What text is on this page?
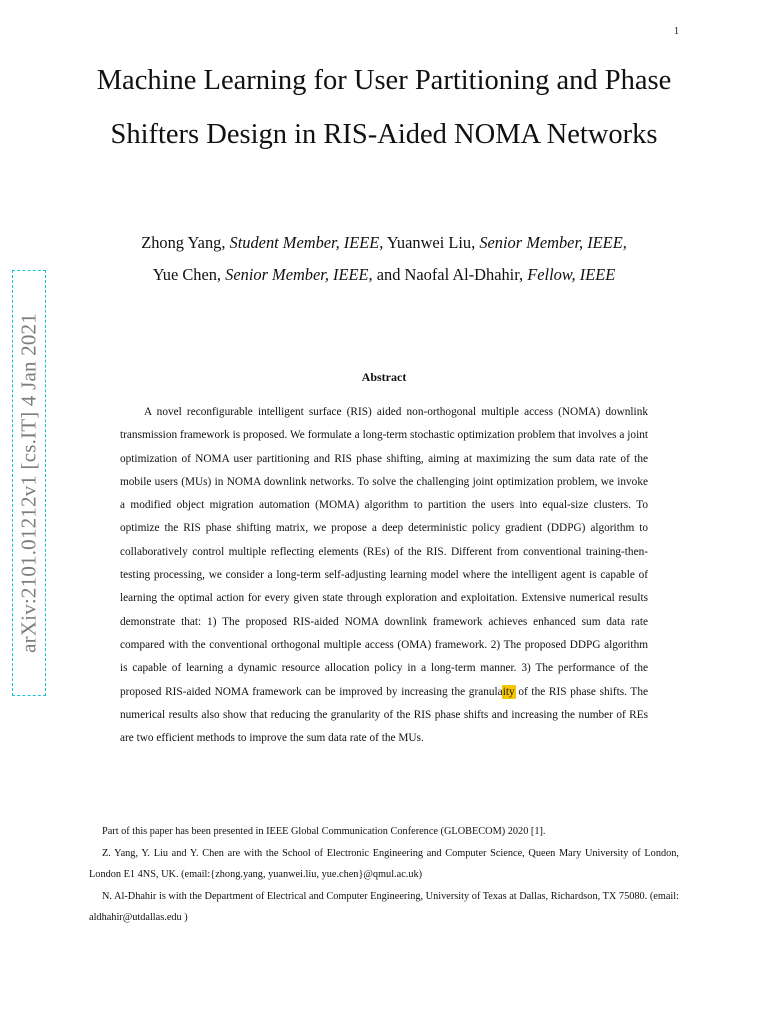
1
arXiv:2101.01212v1 [cs.IT] 4 Jan 2021
Machine Learning for User Partitioning and Phase Shifters Design in RIS-Aided NOMA Networks
Zhong Yang, Student Member, IEEE, Yuanwei Liu, Senior Member, IEEE,
Yue Chen, Senior Member, IEEE, and Naofal Al-Dhahir, Fellow, IEEE
Abstract

A novel reconfigurable intelligent surface (RIS) aided non-orthogonal multiple access (NOMA) downlink transmission framework is proposed. We formulate a long-term stochastic optimization problem that involves a joint optimization of NOMA user partitioning and RIS phase shifting, aiming at maximizing the sum data rate of the mobile users (MUs) in NOMA downlink networks. To solve the challenging joint optimization problem, we invoke a modified object migration automation (MOMA) algorithm to partition the users into equal-size clusters. To optimize the RIS phase shifting matrix, we propose a deep deterministic policy gradient (DDPG) algorithm to collaboratively control multiple reflecting elements (REs) of the RIS. Different from conventional training-then-testing processing, we consider a long-term self-adjusting learning model where the intelligent agent is capable of learning the optimal action for every given state through exploration and exploitation. Extensive numerical results demonstrate that: 1) The proposed RIS-aided NOMA downlink framework achieves enhanced sum data rate compared with the conventional orthogonal multiple access (OMA) framework. 2) The proposed DDPG algorithm is capable of learning a dynamic resource allocation policy in a long-term manner. 3) The performance of the proposed RIS-aided NOMA framework can be improved by increasing the granulaity of the RIS phase shifts. The numerical results also show that reducing the granularity of the RIS phase shifts and increasing the number of REs are two efficient methods to improve the sum data rate of the MUs.

Part of this paper has been presented in IEEE Global Communication Conference (GLOBECOM) 2020 [1].

Z. Yang, Y. Liu and Y. Chen are with the School of Electronic Engineering and Computer Science, Queen Mary University of London, London E1 4NS, UK. (email:{zhong.yang, yuanwei.liu, yue.chen}@qmul.ac.uk)

N. Al-Dhahir is with the Department of Electrical and Computer Engineering, University of Texas at Dallas, Richardson, TX 75080. (email: aldhahir@utdallas.edu )
